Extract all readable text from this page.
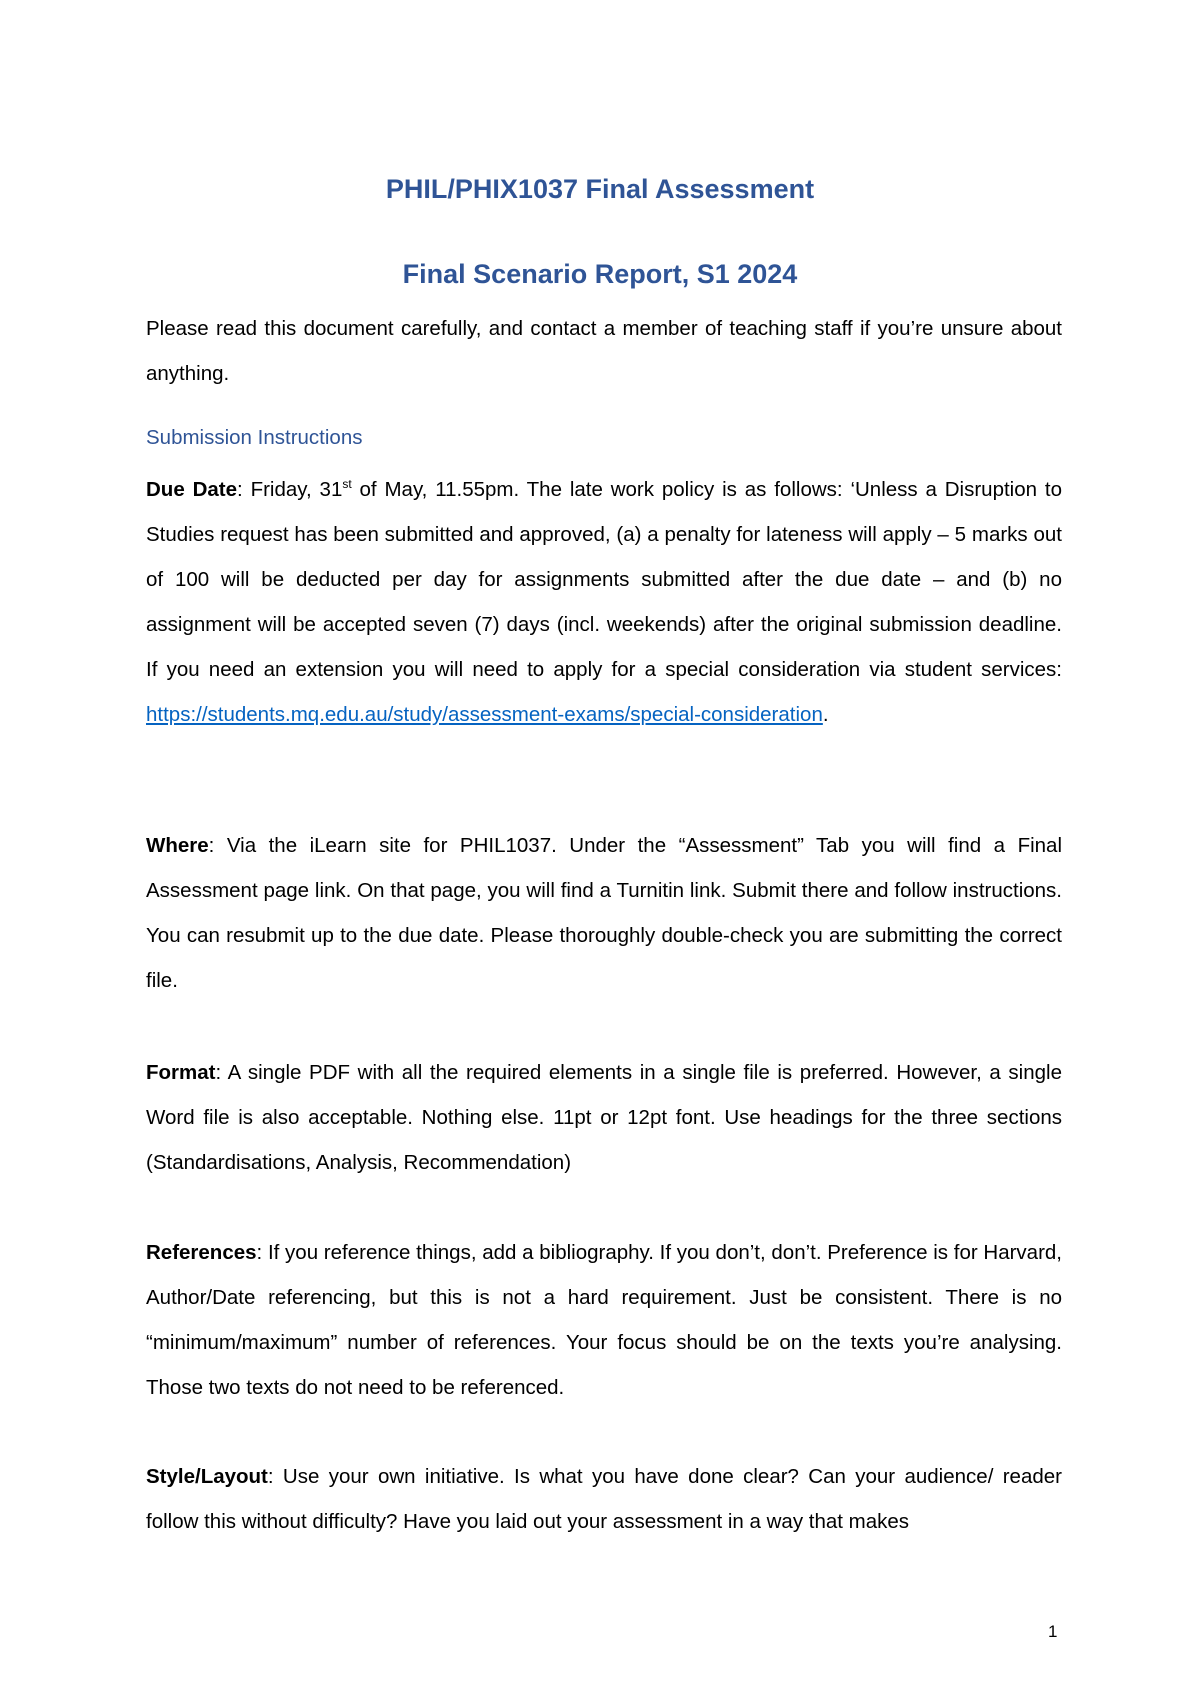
PHIL/PHIX1037 Final Assessment
Final Scenario Report, S1 2024

Please read this document carefully, and contact a member of teaching staff if you’re unsure about anything.

Submission Instructions

Due Date: Friday, 31st of May, 11.55pm. The late work policy is as follows: ‘Unless a Disruption to Studies request has been submitted and approved, (a) a penalty for lateness will apply – 5 marks out of 100 will be deducted per day for assignments submitted after the due date – and (b) no assignment will be accepted seven (7) days (incl. weekends) after the original submission deadline. If you need an extension you will need to apply for a special consideration via student services: https://students.mq.edu.au/study/assessment-exams/special-consideration.

Where: Via the iLearn site for PHIL1037. Under the “Assessment” Tab you will find a Final Assessment page link. On that page, you will find a Turnitin link. Submit there and follow instructions. You can resubmit up to the due date. Please thoroughly double-check you are submitting the correct file.

Format: A single PDF with all the required elements in a single file is preferred. However, a single Word file is also acceptable. Nothing else. 11pt or 12pt font. Use headings for the three sections (Standardisations, Analysis, Recommendation)

References: If you reference things, add a bibliography. If you don’t, don’t. Preference is for Harvard, Author/Date referencing, but this is not a hard requirement. Just be consistent. There is no “minimum/maximum” number of references. Your focus should be on the texts you’re analysing. Those two texts do not need to be referenced.

Style/Layout: Use your own initiative. Is what you have done clear? Can your audience/ reader follow this without difficulty? Have you laid out your assessment in a way that makes

1
